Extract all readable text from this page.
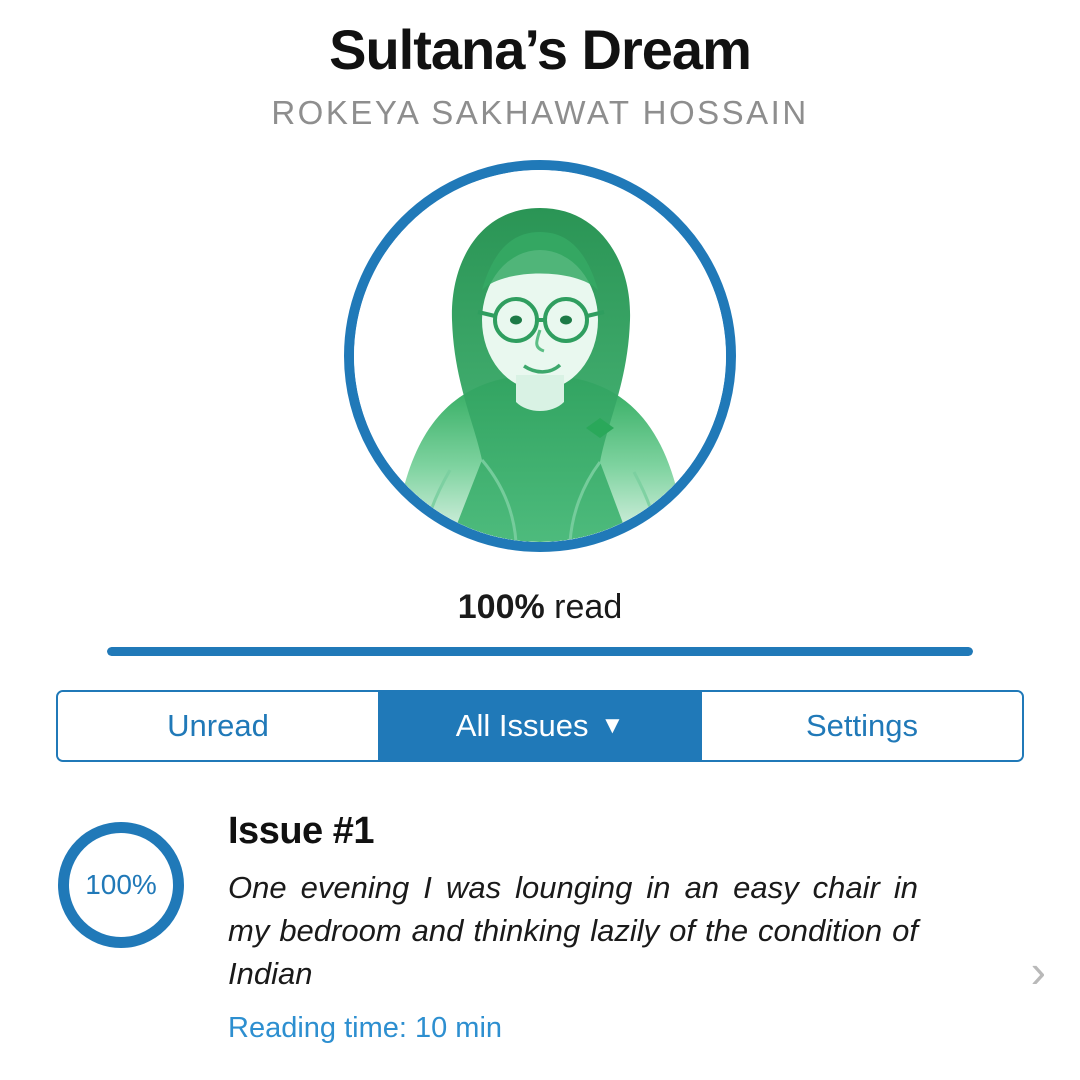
Sultana’s Dream
ROKEYA SAKHAWAT HOSSAIN
100% read
Unread	All Issues ▼	Settings
100%
Issue #1
One evening I was lounging in an easy chair in my bedroom and thinking lazily of the condition of Indian
Reading time: 10 min
›
